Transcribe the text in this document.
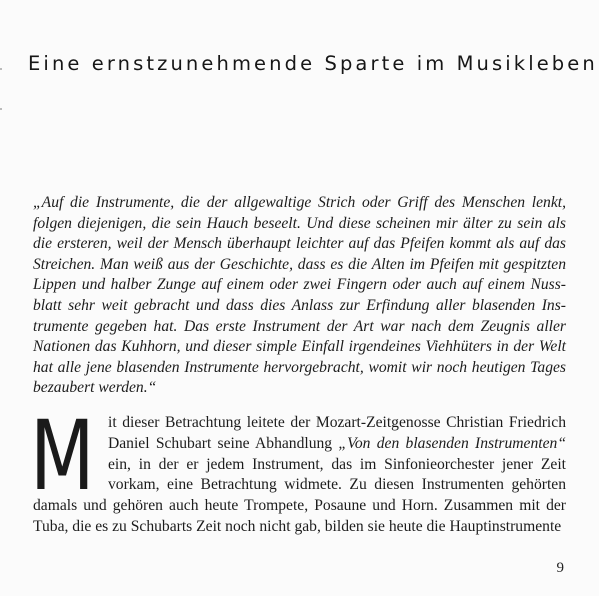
Eine ernstzunehmende Sparte im Musikleben

„Auf die Instrumente, die der allgewaltige Strich oder Griff des Menschen lenkt, folgen diejenigen, die sein Hauch beseelt. Und diese scheinen mir älter zu sein als die ersteren, weil der Mensch überhaupt leichter auf das Pfeifen kommt als auf das Streichen. Man weiß aus der Geschichte, dass es die Alten im Pfeifen mit gespitzten Lippen und halber Zunge auf einem oder zwei Fingern oder auch auf einem Nussblatt sehr weit gebracht und dass dies Anlass zur Erfindung aller blasenden Instrumente gegeben hat. Das erste Instrument der Art war nach dem Zeugnis aller Nationen das Kuhhorn, und dieser simple Einfall irgendeines Viehhüters in der Welt hat alle jene blasenden Instrumente hervorgebracht, womit wir noch heutigen Tages bezaubert werden.“

Mit dieser Betrachtung leitete der Mozart-Zeitgenosse Christian Friedrich Daniel Schubart seine Abhandlung „Von den blasenden Instrumenten“ ein, in der er jedem Instrument, das im Sinfonieorchester jener Zeit vorkam, eine Betrachtung widmete. Zu diesen Instrumenten gehörten damals und gehören auch heute Trompete, Posaune und Horn. Zusammen mit der Tuba, die es zu Schubarts Zeit noch nicht gab, bilden sie heute die Hauptinstrumente

9
